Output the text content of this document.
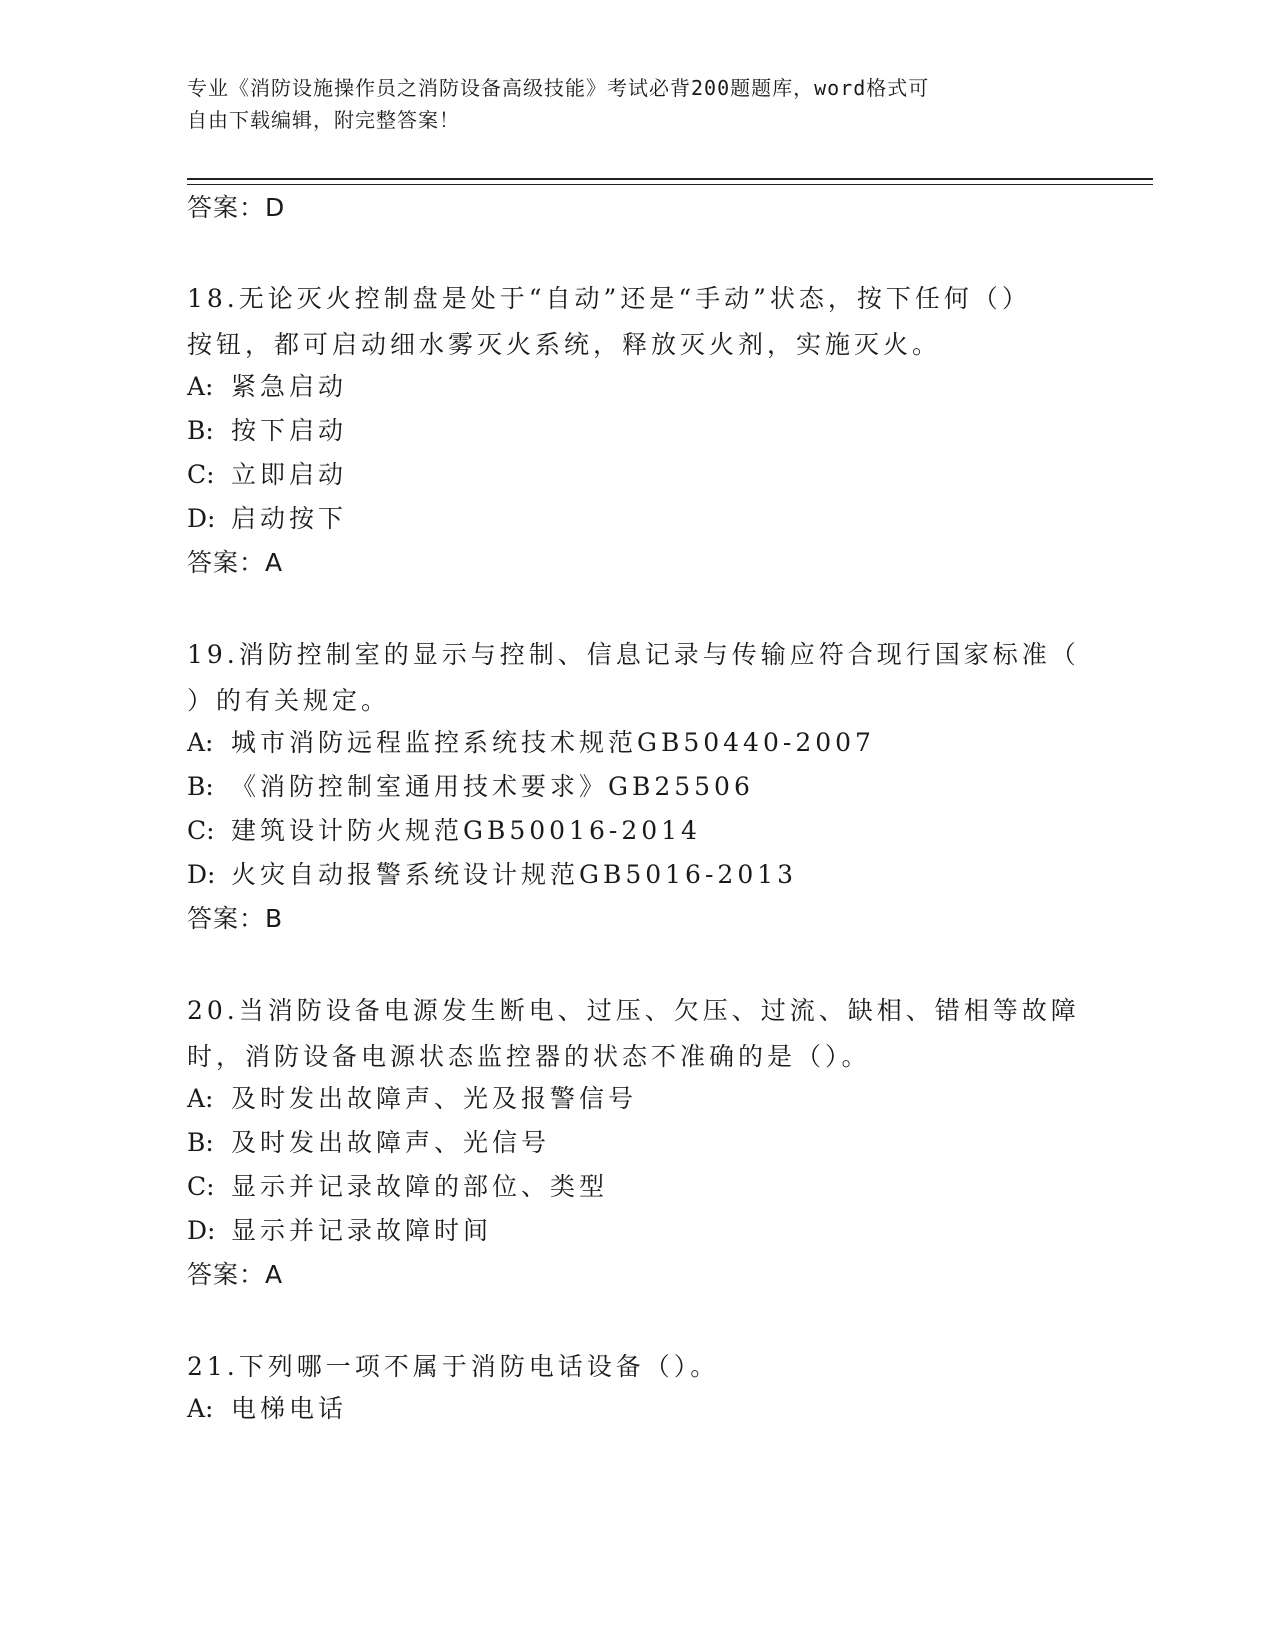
专业《消防设施操作员之消防设备高级技能》考试必背200题题库，word格式可
自由下载编辑，附完整答案！
答案：D
18.无论灭火控制盘是处于“自动”还是“手动”状态，按下任何（）
按钮，都可启动细水雾灭火系统，释放灭火剂，实施灭火。
A: 紧急启动
B: 按下启动
C: 立即启动
D: 启动按下
答案：A
19.消防控制室的显示与控制、信息记录与传输应符合现行国家标准（
）的有关规定。
A: 城市消防远程监控系统技术规范GB50440-2007
B: 《消防控制室通用技术要求》GB25506
C: 建筑设计防火规范GB50016-2014
D: 火灾自动报警系统设计规范GB5016-2013
答案：B
20.当消防设备电源发生断电、过压、欠压、过流、缺相、错相等故障
时，消防设备电源状态监控器的状态不准确的是（）。
A: 及时发出故障声、光及报警信号
B: 及时发出故障声、光信号
C: 显示并记录故障的部位、类型
D: 显示并记录故障时间
答案：A
21.下列哪一项不属于消防电话设备（）。
A: 电梯电话
